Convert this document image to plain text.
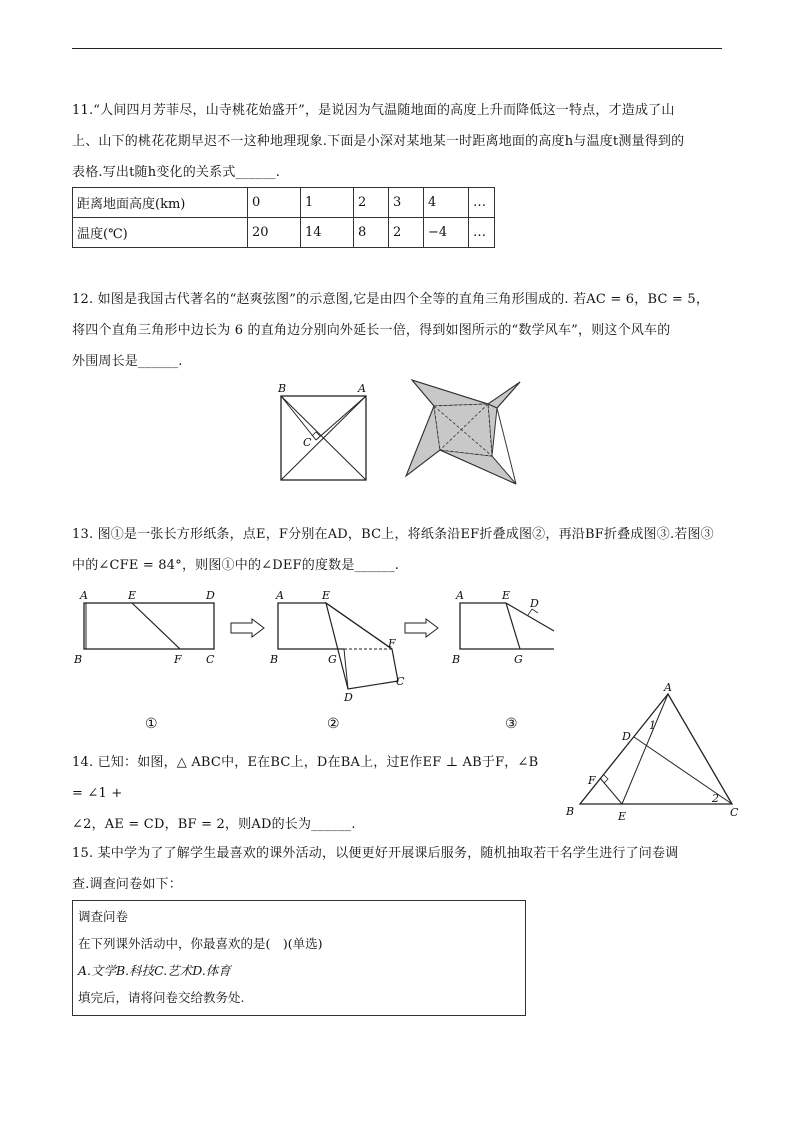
11.“人间四月芳菲尽，山寺桃花始盛开”，是说因为气温随地面的高度上升而降低这一特点，才造成了山

上、山下的桃花花期早迟不一这种地理现象.下面是小深对某地某一时距离地面的高度h与温度t测量得到的

表格.写出t随h变化的关系式______.

距离地面高度(km)	0	1	2	3	4	…
温度(℃)	20	14	8	2	−4	…

12. 如图是我国古代著名的“赵爽弦图”的示意图,它是由四个全等的直角三角形围成的. 若AC = 6，BC = 5，

将四个直角三角形中边长为 6 的直角边分别向外延长一倍，得到如图所示的“数学风车”，则这个风车的

外围周长是______.

B	A
C

13. 图①是一张长方形纸条，点E，F分别在AD，BC上，将纸条沿EF折叠成图②，再沿BF折叠成图③.若图③

中的∠CFE = 84°，则图①中的∠DEF的度数是______.

A	E	D
B	F C
A	E
B	G
F
C
D
A	E
D
B	G
①	②	③

14. 已知：如图，△ ABC中，E在BC上，D在BA上，过E作EF ⊥ AB于F，∠B = ∠1 +

∠2，AE = CD，BF = 2，则AD的长为______.

A
D
1
F
2
B	E	C

15. 某中学为了了解学生最喜欢的课外活动，以便更好开展课后服务，随机抽取若干名学生进行了问卷调

查.调查问卷如下：

调查问卷
在下列课外活动中，你最喜欢的是(　)(单选)
A.文学B.科技C.艺术D.体育
填完后，请将问卷交给教务处.
